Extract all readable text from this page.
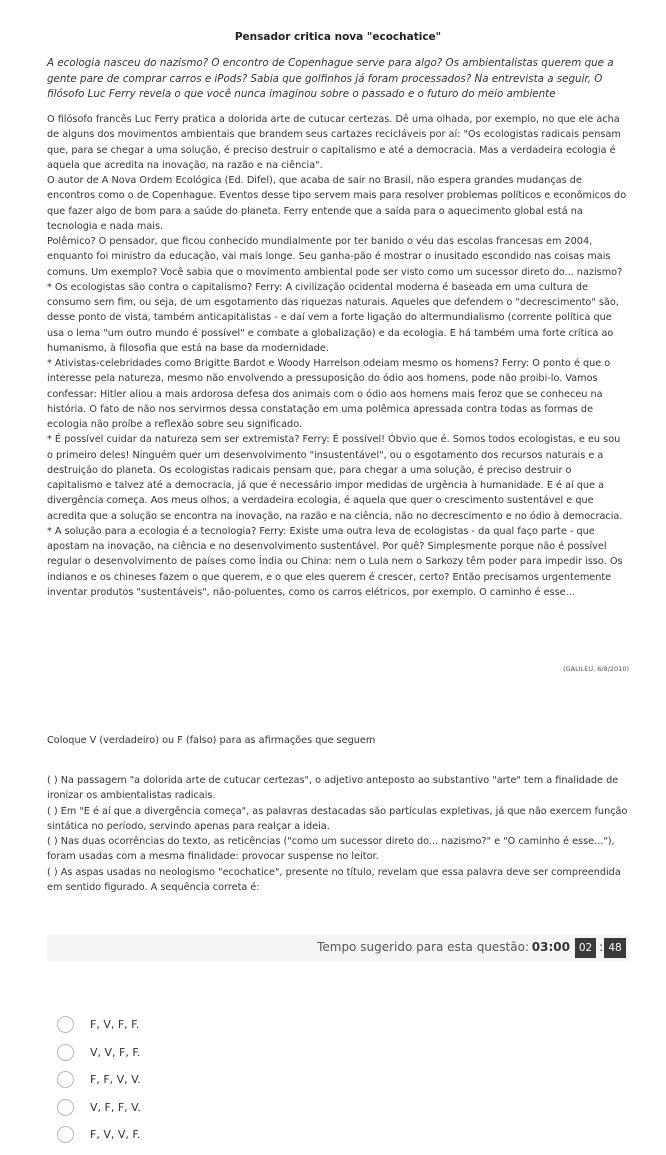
Pensador critica nova "ecochatice"
A ecologia nasceu do nazismo? O encontro de Copenhague serve para algo? Os ambientalistas querem que a gente pare de comprar carros e iPods? Sabia que golfinhos já foram processados? Na entrevista a seguir, O filósofo Luc Ferry revela o que você nunca imaginou sobre o passado e o futuro do meio ambiente

O filósofo francês Luc Ferry pratica a dolorida arte de cutucar certezas. Dê uma olhada, por exemplo, no que ele acha de alguns dos movimentos ambientais que brandem seus cartazes recicláveis por aí: "Os ecologistas radicais pensam que, para se chegar a uma solução, é preciso destruir o capitalismo e até a democracia. Mas a verdadeira ecologia é aquela que acredita na inovação, na razão e na ciência".

O autor de A Nova Ordem Ecológica (Ed. Difel), que acaba de sair no Brasil, não espera grandes mudanças de encontros como o de Copenhague. Eventos desse tipo servem mais para resolver problemas políticos e econômicos do que fazer algo de bom para a saúde do planeta. Ferry entende que a saída para o aquecimento global está na tecnologia e nada mais.

Polêmico? O pensador, que ficou conhecido mundialmente por ter banido o véu das escolas francesas em 2004, enquanto foi ministro da educação, vai mais longe. Seu ganha-pão é mostrar o inusitado escondido nas coisas mais comuns. Um exemplo? Você sabia que o movimento ambiental pode ser visto como um sucessor direto do... nazismo?

* Os ecologistas são contra o capitalismo? Ferry: A civilização ocidental moderna é baseada em uma cultura de consumo sem fim, ou seja, de um esgotamento das riquezas naturais. Aqueles que defendem o "decrescimento" são, desse ponto de vista, também anticapitalistas - e daí vem a forte ligação do altermundialismo (corrente política que usa o lema "um outro mundo é possível" e combate a globalização) e da ecologia. E há também uma forte crítica ao humanismo, à filosofia que está na base da modernidade.

* Ativistas-celebridades como Brigitte Bardot e Woody Harrelson odeiam mesmo os homens? Ferry: O ponto é que o interesse pela natureza, mesmo não envolvendo a pressuposição do ódio aos homens, pode não proibi-lo. Vamos confessar: Hitler aliou a mais ardorosa defesa dos animais com o ódio aos homens mais feroz que se conheceu na história. O fato de não nos servirmos dessa constatação em uma polêmica apressada contra todas as formas de ecologia não proíbe a reflexão sobre seu significado.

* É possível cuidar da natureza sem ser extremista? Ferry: É possível! Óbvio que é. Somos todos ecologistas, e eu sou o primeiro deles! Ninguém quer um desenvolvimento "insustentável", ou o esgotamento dos recursos naturais e a destruição do planeta. Os ecologistas radicais pensam que, para chegar a uma solução, é preciso destruir o capitalismo e talvez até a democracia, já que é necessário impor medidas de urgência à humanidade. E é aí que a divergência começa. Aos meus olhos, a verdadeira ecologia, é aquela que quer o crescimento sustentável e que acredita que a solução se encontra na inovação, na razão e na ciência, não no decrescimento e no ódio à democracia.

* A solução para a ecologia é a tecnologia? Ferry: Existe uma outra leva de ecologistas - da qual faço parte - que apostam na inovação, na ciência e no desenvolvimento sustentável. Por quê? Simplesmente porque não é possível regular o desenvolvimento de países como Índia ou China: nem o Lula nem o Sarkozy têm poder para impedir isso. Os indianos e os chineses fazem o que querem, e o que eles querem é crescer, certo? Então precisamos urgentemente inventar produtos "sustentáveis", não-poluentes, como os carros elétricos, por exemplo. O caminho é esse...

(GALILEU, 6/8/2010)
Coloque V (verdadeiro) ou F (falso) para as afirmações que seguem

( ) Na passagem "a dolorida arte de cutucar certezas", o adjetivo anteposto ao substantivo "arte" tem a finalidade de ironizar os ambientalistas radicais.

( ) Em "E é aí que a divergência começa", as palavras destacadas são partículas expletivas, já que não exercem função sintática no período, servindo apenas para realçar a ideia.

( ) Nas duas ocorrências do texto, as reticências ("como um sucessor direto do... nazismo?" e "O caminho é esse..."), foram usadas com a mesma finalidade: provocar suspense no leitor.

( ) As aspas usadas no neologismo "ecochatice", presente no título, revelam que essa palavra deve ser compreendida em sentido figurado. A sequência correta é:

Tempo sugerido para esta questão: 03:00 02 : 48
F, V, F, F.
V, V, F, F.
F, F, V, V.
V, F, F, V.
F, V, V, F.
